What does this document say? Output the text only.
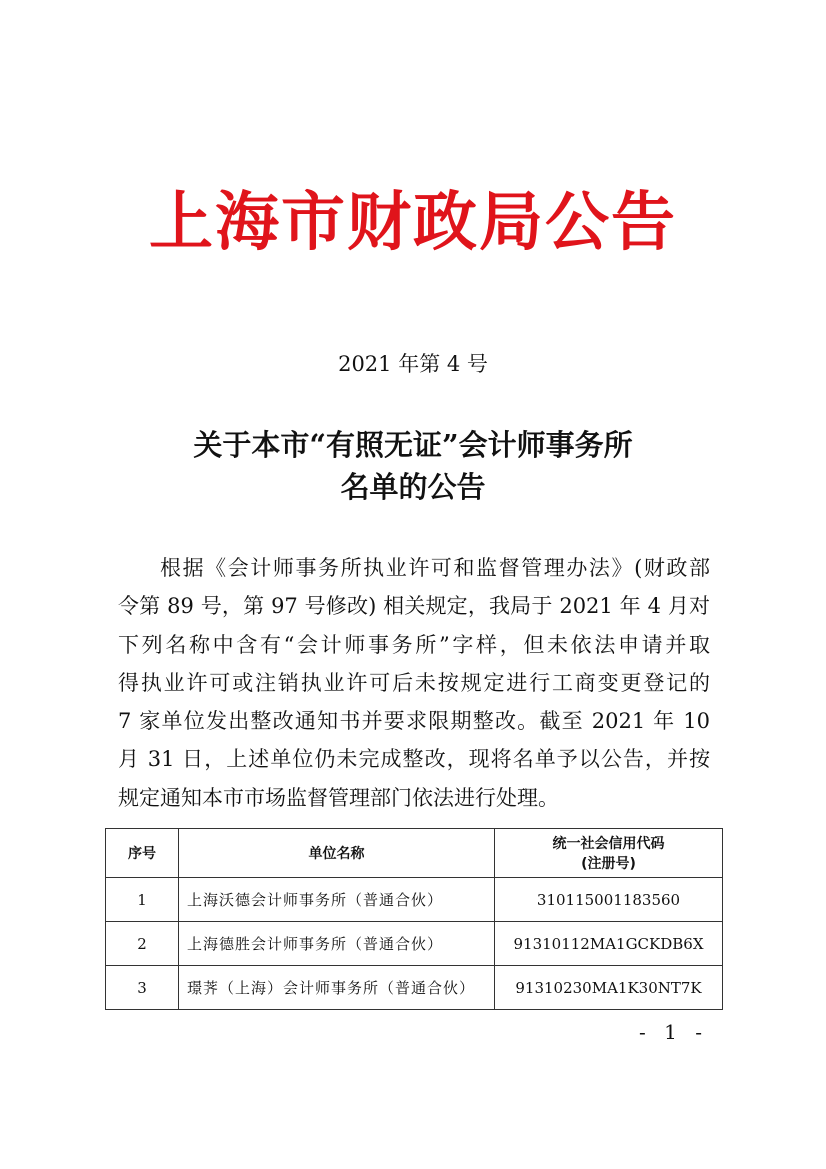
上海市财政局公告
2021 年第 4 号
关于本市“有照无证”会计师事务所
名单的公告
根据《会计师事务所执业许可和监督管理办法》(财政部
令第 89 号，第 97 号修改) 相关规定，我局于 2021 年 4 月对
下列名称中含有“会计师事务所”字样，但未依法申请并取
得执业许可或注销执业许可后未按规定进行工商变更登记的
7 家单位发出整改通知书并要求限期整改。截至 2021 年 10
月 31 日，上述单位仍未完成整改，现将名单予以公告，并按
规定通知本市市场监督管理部门依法进行处理。
序号	单位名称	统一社会信用代码
(注册号)

1	上海沃德会计师事务所（普通合伙）	310115001183560
2	上海德胜会计师事务所（普通合伙）	91310112MA1GCKDB6X
3	璟荠（上海）会计师事务所（普通合伙）	91310230MA1K30NT7K
- 1 -
